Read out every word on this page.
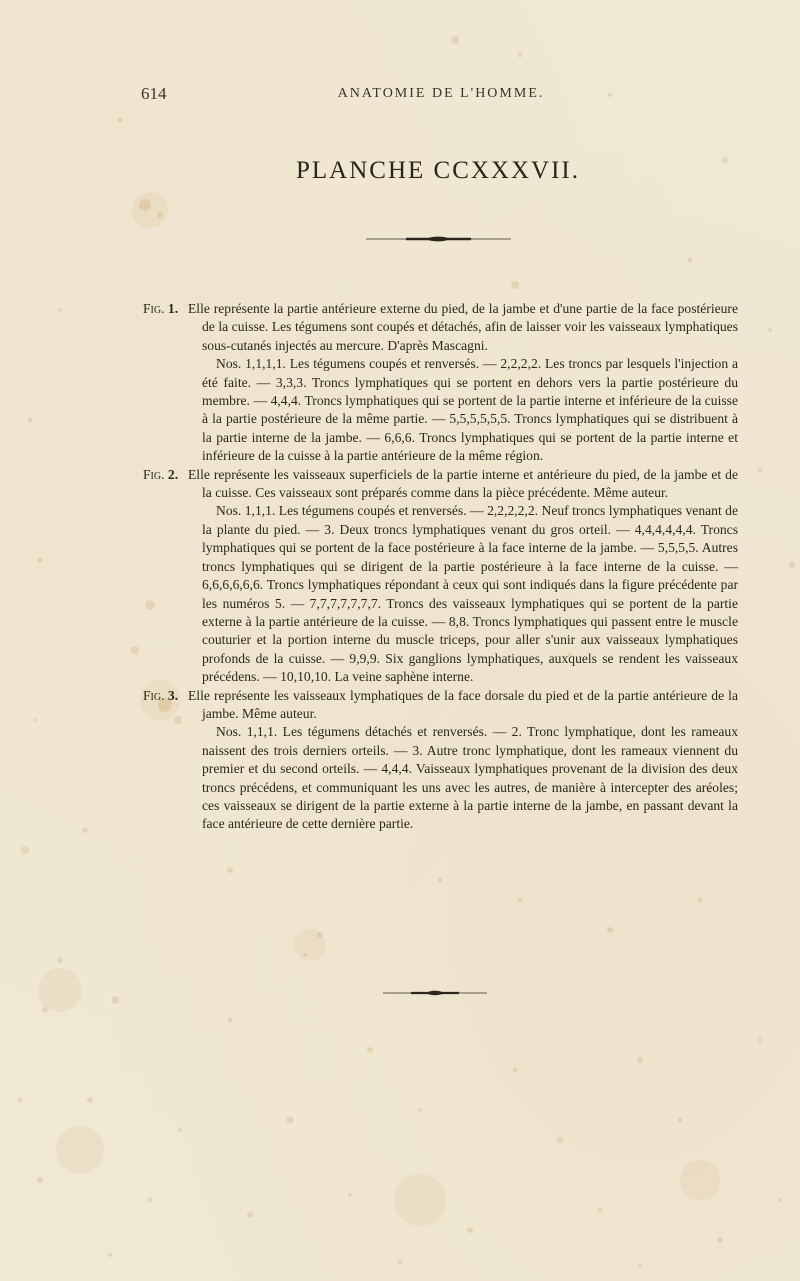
614	ANATOMIE DE L'HOMME.
PLANCHE CCXXXVII.

Fig. 1. Elle représente la partie antérieure externe du pied, de la jambe et d'une partie de la face postérieure de la cuisse. Les tégumens sont coupés et détachés, afin de laisser voir les vaisseaux lymphatiques sous-cutanés injectés au mercure. D'après Mascagni.

Nos. 1,1,1,1. Les tégumens coupés et renversés. — 2,2,2,2. Les troncs par lesquels l'injection a été faite. — 3,3,3. Troncs lymphatiques qui se portent en dehors vers la partie postérieure du membre. — 4,4,4. Troncs lymphatiques qui se portent de la partie interne et inférieure de la cuisse à la partie postérieure de la même partie. — 5,5,5,5,5,5. Troncs lymphatiques qui se distribuent à la partie interne de la jambe. — 6,6,6. Troncs lymphatiques qui se portent de la partie interne et inférieure de la cuisse à la partie antérieure de la même région.

Fig. 2. Elle représente les vaisseaux superficiels de la partie interne et antérieure du pied, de la jambe et de la cuisse. Ces vaisseaux sont préparés comme dans la pièce précédente. Même auteur.

Nos. 1,1,1. Les tégumens coupés et renversés. — 2,2,2,2,2. Neuf troncs lymphatiques venant de la plante du pied. — 3. Deux troncs lymphatiques venant du gros orteil. — 4,4,4,4,4,4. Troncs lymphatiques qui se portent de la face postérieure à la face interne de la jambe. — 5,5,5,5. Autres troncs lymphatiques qui se dirigent de la partie postérieure à la face interne de la cuisse. — 6,6,6,6,6,6. Troncs lymphatiques répondant à ceux qui sont indiqués dans la figure précédente par les numéros 5. — 7,7,7,7,7,7,7. Troncs des vaisseaux lymphatiques qui se portent de la partie externe à la partie antérieure de la cuisse. — 8,8. Troncs lymphatiques qui passent entre le muscle couturier et la portion interne du muscle triceps, pour aller s'unir aux vaisseaux lymphatiques profonds de la cuisse. — 9,9,9. Six ganglions lymphatiques, auxquels se rendent les vaisseaux précédens. — 10,10,10. La veine saphène interne.

Fig. 3. Elle représente les vaisseaux lymphatiques de la face dorsale du pied et de la partie antérieure de la jambe. Même auteur.

Nos. 1,1,1. Les tégumens détachés et renversés. — 2. Tronc lymphatique, dont les rameaux naissent des trois derniers orteils. — 3. Autre tronc lymphatique, dont les rameaux viennent du premier et du second orteils. — 4,4,4. Vaisseaux lymphatiques provenant de la division des deux troncs précédens, et communiquant les uns avec les autres, de manière à intercepter des aréoles; ces vaisseaux se dirigent de la partie externe à la partie interne de la jambe, en passant devant la face antérieure de cette dernière partie.
